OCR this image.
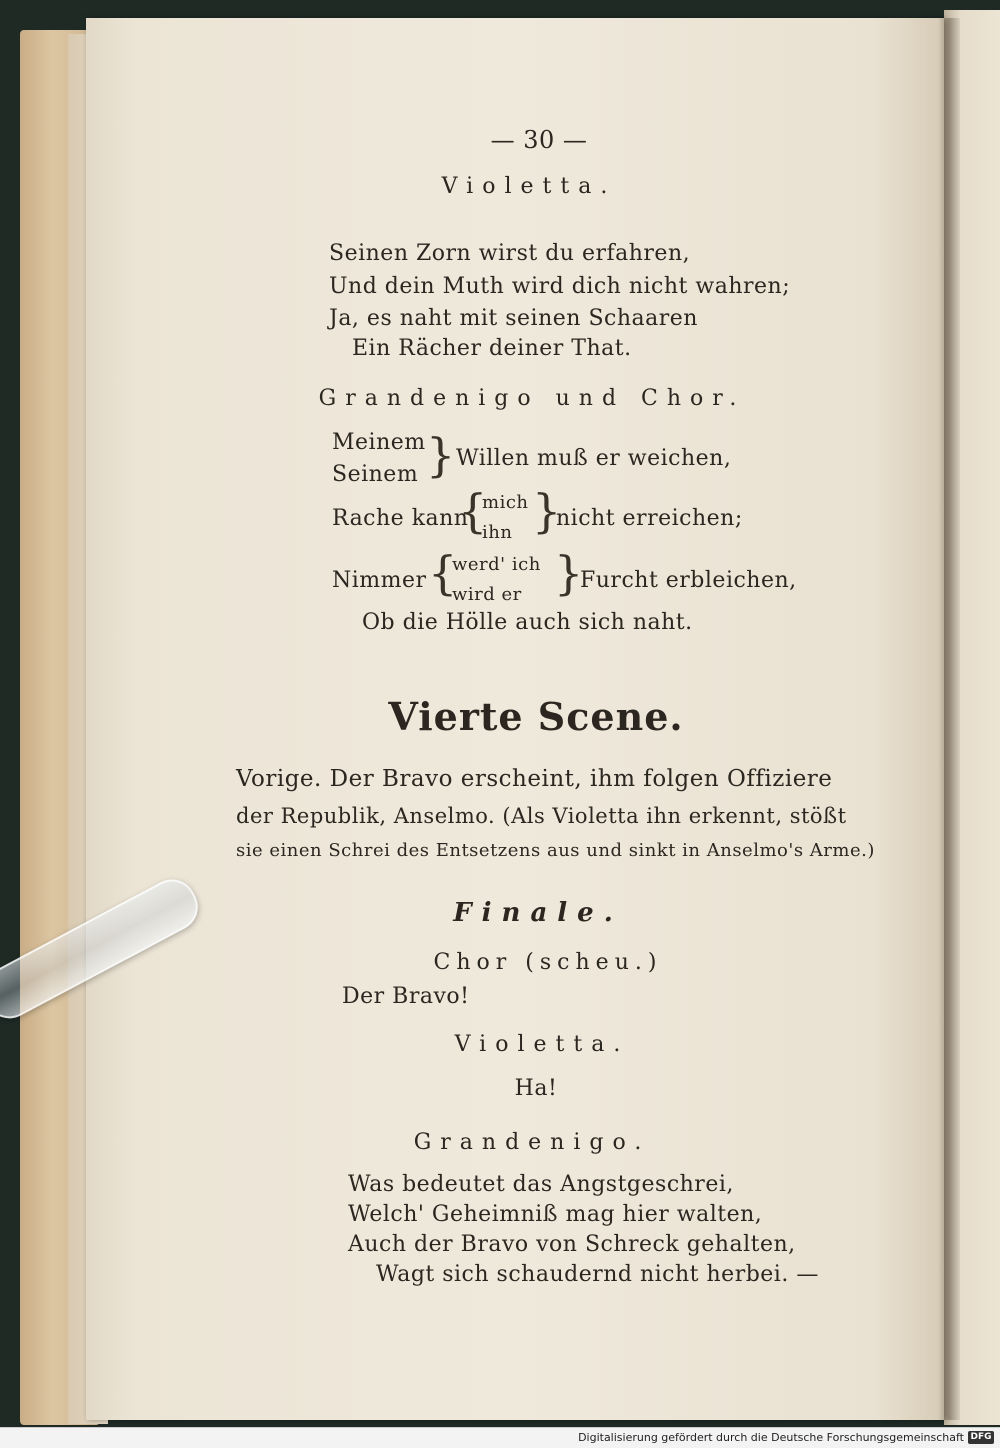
— 30 —
Violetta.
Seinen Zorn wirst du erfahren,
Und dein Muth wird dich nicht wahren;
Ja, es naht mit seinen Schaaren
Ein Rächer deiner That.
Grandenigo und Chor.
Meinem
Seinem } Willen muß er weichen,
Rache kann
{
mich
ihn }
nicht erreichen;
Nimmer {
werd' ich
wird er }
Furcht erbleichen,
Ob die Hölle auch sich naht.
Vierte Scene.
Vorige. Der Bravo erscheint, ihm folgen Offiziere
der Republik, Anselmo. (Als Violetta ihn erkennt, stößt
sie einen Schrei des Entsetzens aus und sinkt in Anselmo's Arme.)
Finale.
Chor (scheu.)
Der Bravo!
Violetta.
Ha!
Grandenigo.
Was bedeutet das Angstgeschrei,
Welch' Geheimniß mag hier walten,
Auch der Bravo von Schreck gehalten,
Wagt sich schaudernd nicht herbei. —
Digitalisierung gefördert durch die Deutsche Forschungsgemeinschaft DFG
